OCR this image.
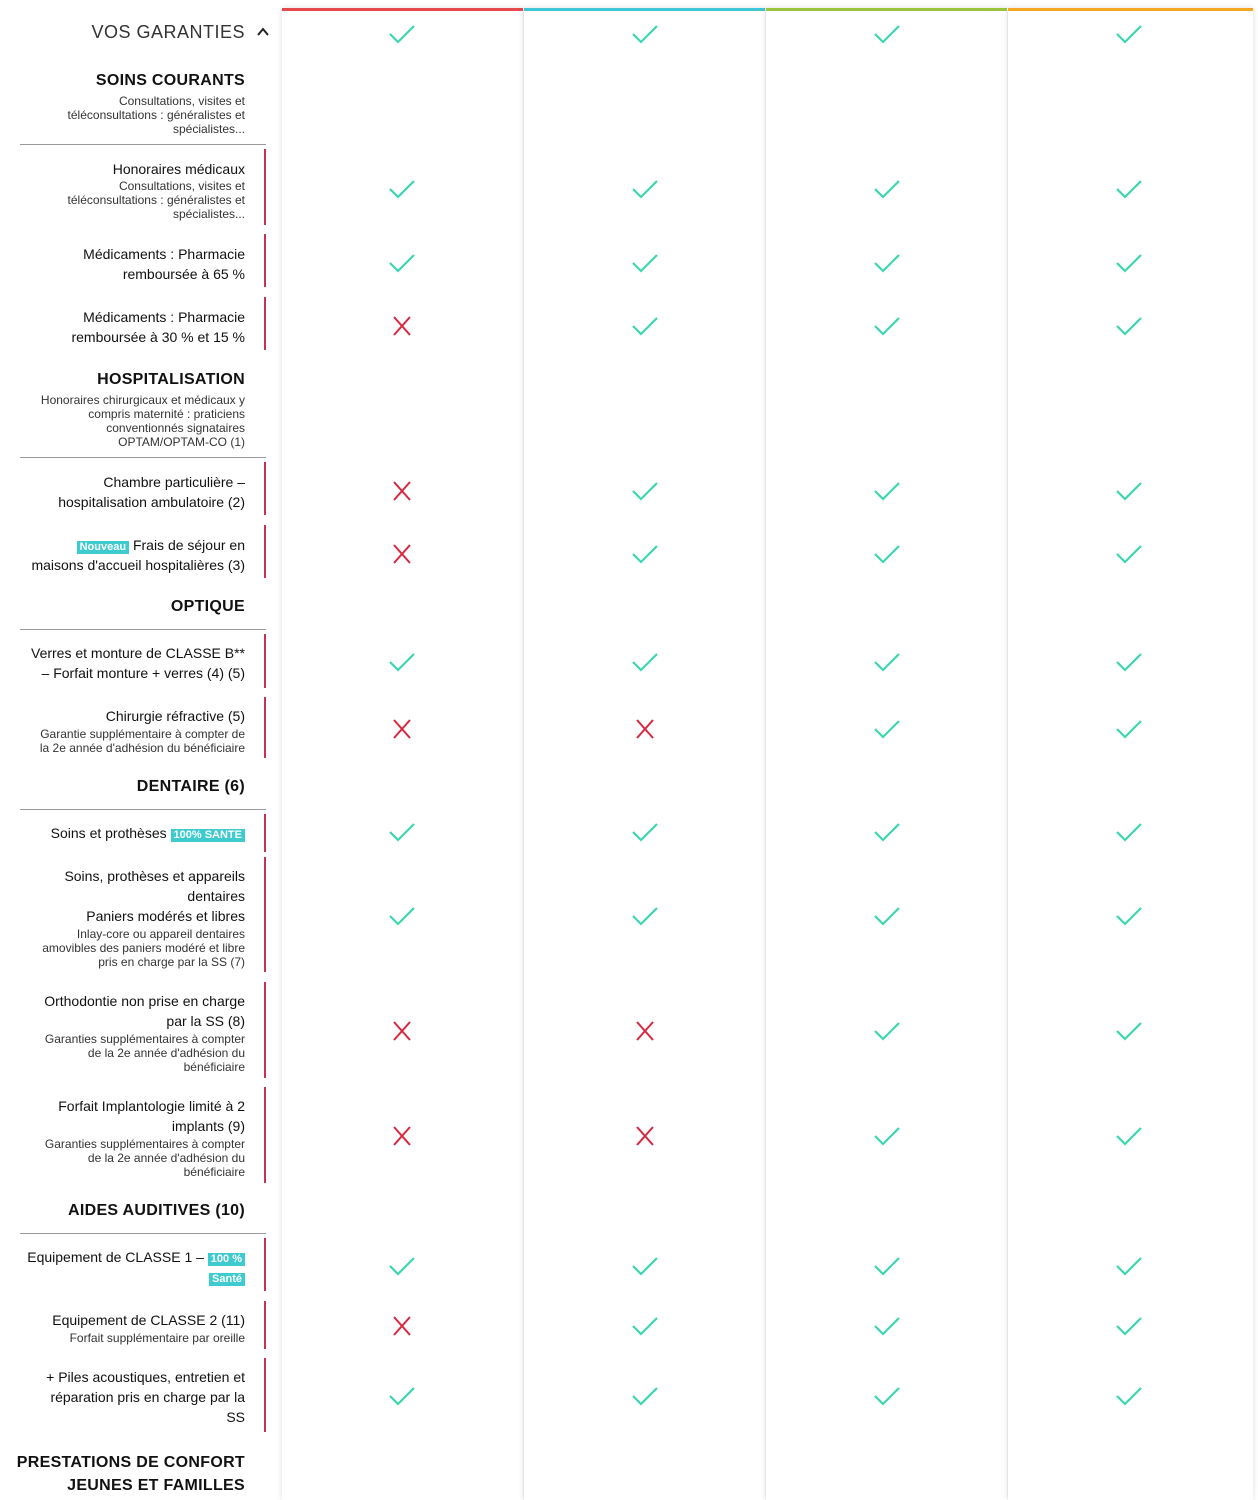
VOS GARANTIES
SOINS COURANTS
Consultations, visites et
téléconsultations : généralistes et
spécialistes...
Honoraires médicaux
Consultations, visites et
téléconsultations : généralistes et
spécialistes...
Médicaments : Pharmacie
remboursée à 65 %
Médicaments : Pharmacie
remboursée à 30 % et 15 %
HOSPITALISATION
Honoraires chirurgicaux et médicaux y
compris maternité : praticiens
conventionnés signataires
OPTAM/OPTAM-CO (1)
Chambre particulière –
hospitalisation ambulatoire (2)
Nouveau Frais de séjour en
maisons d'accueil hospitalières (3)
OPTIQUE
Verres et monture de CLASSE B**
– Forfait monture + verres (4) (5)
Chirurgie réfractive (5)
Garantie supplémentaire à compter de
la 2e année d'adhésion du bénéficiaire
DENTAIRE (6)
Soins et prothèses 100% SANTE
Soins, prothèses et appareils
dentaires
Paniers modérés et libres
Inlay-core ou appareil dentaires
amovibles des paniers modéré et libre
pris en charge par la SS (7)
Orthodontie non prise en charge
par la SS (8)
Garanties supplémentaires à compter
de la 2e année d'adhésion du
bénéficiaire
Forfait Implantologie limité à 2
implants (9)
Garanties supplémentaires à compter
de la 2e année d'adhésion du
bénéficiaire
AIDES AUDITIVES (10)
Equipement de CLASSE 1 – 100 %
Santé
Equipement de CLASSE 2 (11)
Forfait supplémentaire par oreille
+ Piles acoustiques, entretien et
réparation pris en charge par la
SS
PRESTATIONS DE CONFORT
JEUNES ET FAMILLES
